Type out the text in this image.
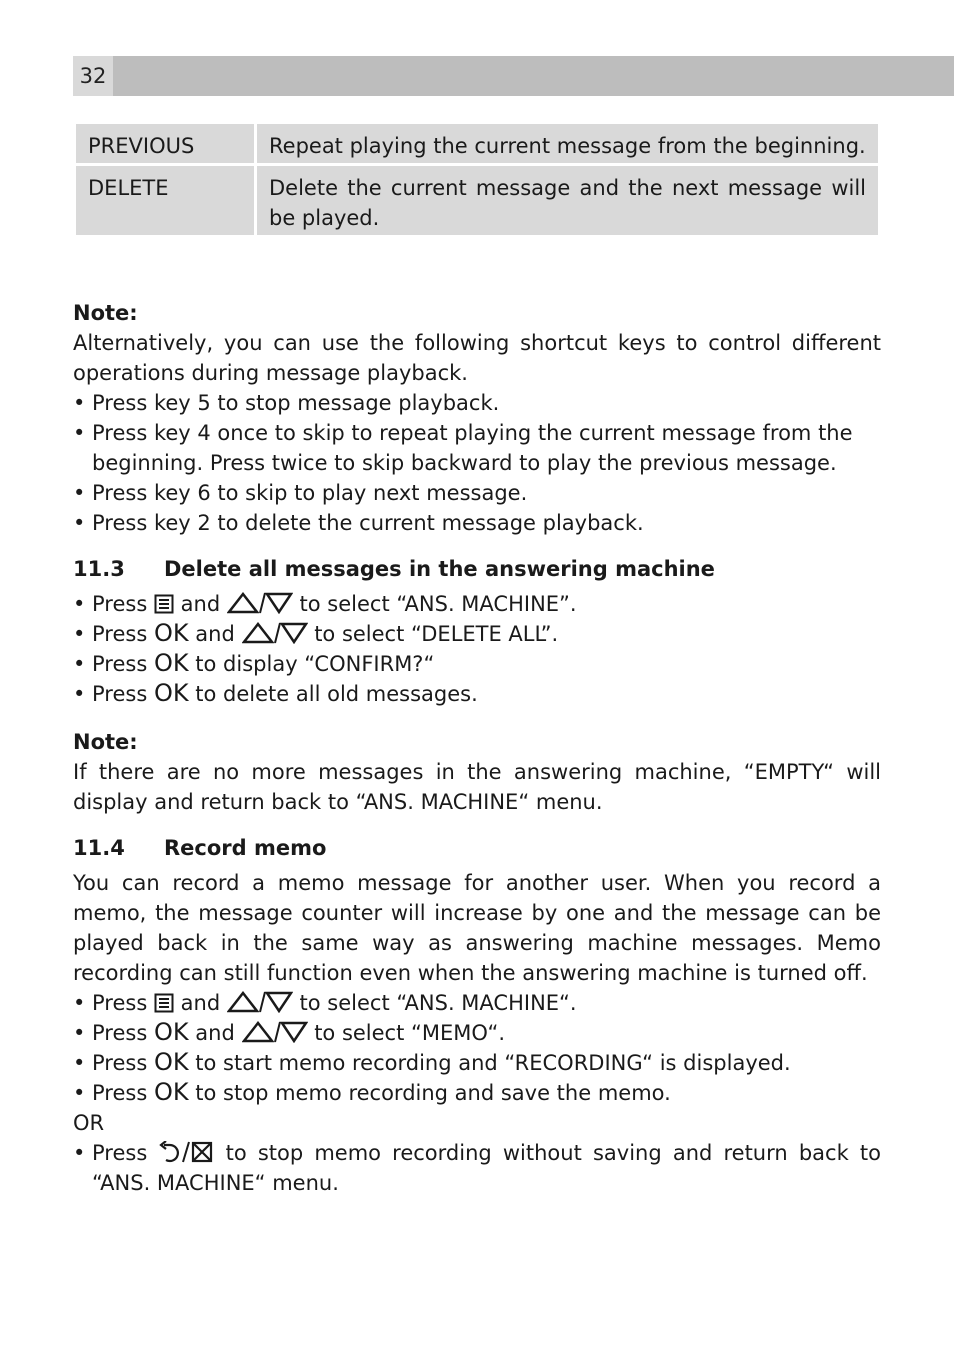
32
PREVIOUS	Repeat playing the current message from the beginning.
DELETE	Delete the current message and the next message will be played.
Note:

Alternatively, you can use the following shortcut keys to control different operations during message playback.

• Press key 5 to stop message playback.
• Press key 4 once to skip to repeat playing the current message from the beginning. Press twice to skip backward to play the previous message.
• Press key 6 to skip to play next message.
• Press key 2 to delete the current message playback.
11.3	Delete all messages in the answering machine
• Press and	to select “ANS. MACHINE”.
• Press OK and	to select “DELETE ALL”.
• Press OK to display “CONFIRM?“
• Press OK to delete all old messages.
Note:

If there are no more messages in the answering machine, “EMPTY“ will display and return back to “ANS. MACHINE“ menu.

11.4	Record memo

You can record a memo message for another user. When you record a memo, the message counter will increase by one and the message can be played back in the same way as answering machine messages. Memo recording can still function even when the answering machine is turned off.

• Press and	to select “ANS. MACHINE“.
• Press OK and	to select “MEMO“.
• Press OK to start memo recording and “RECORDING“ is displayed.
• Press OK to stop memo recording and save the memo.
OR
• Press	to stop memo recording without saving and return back to “ANS. MACHINE“ menu.
